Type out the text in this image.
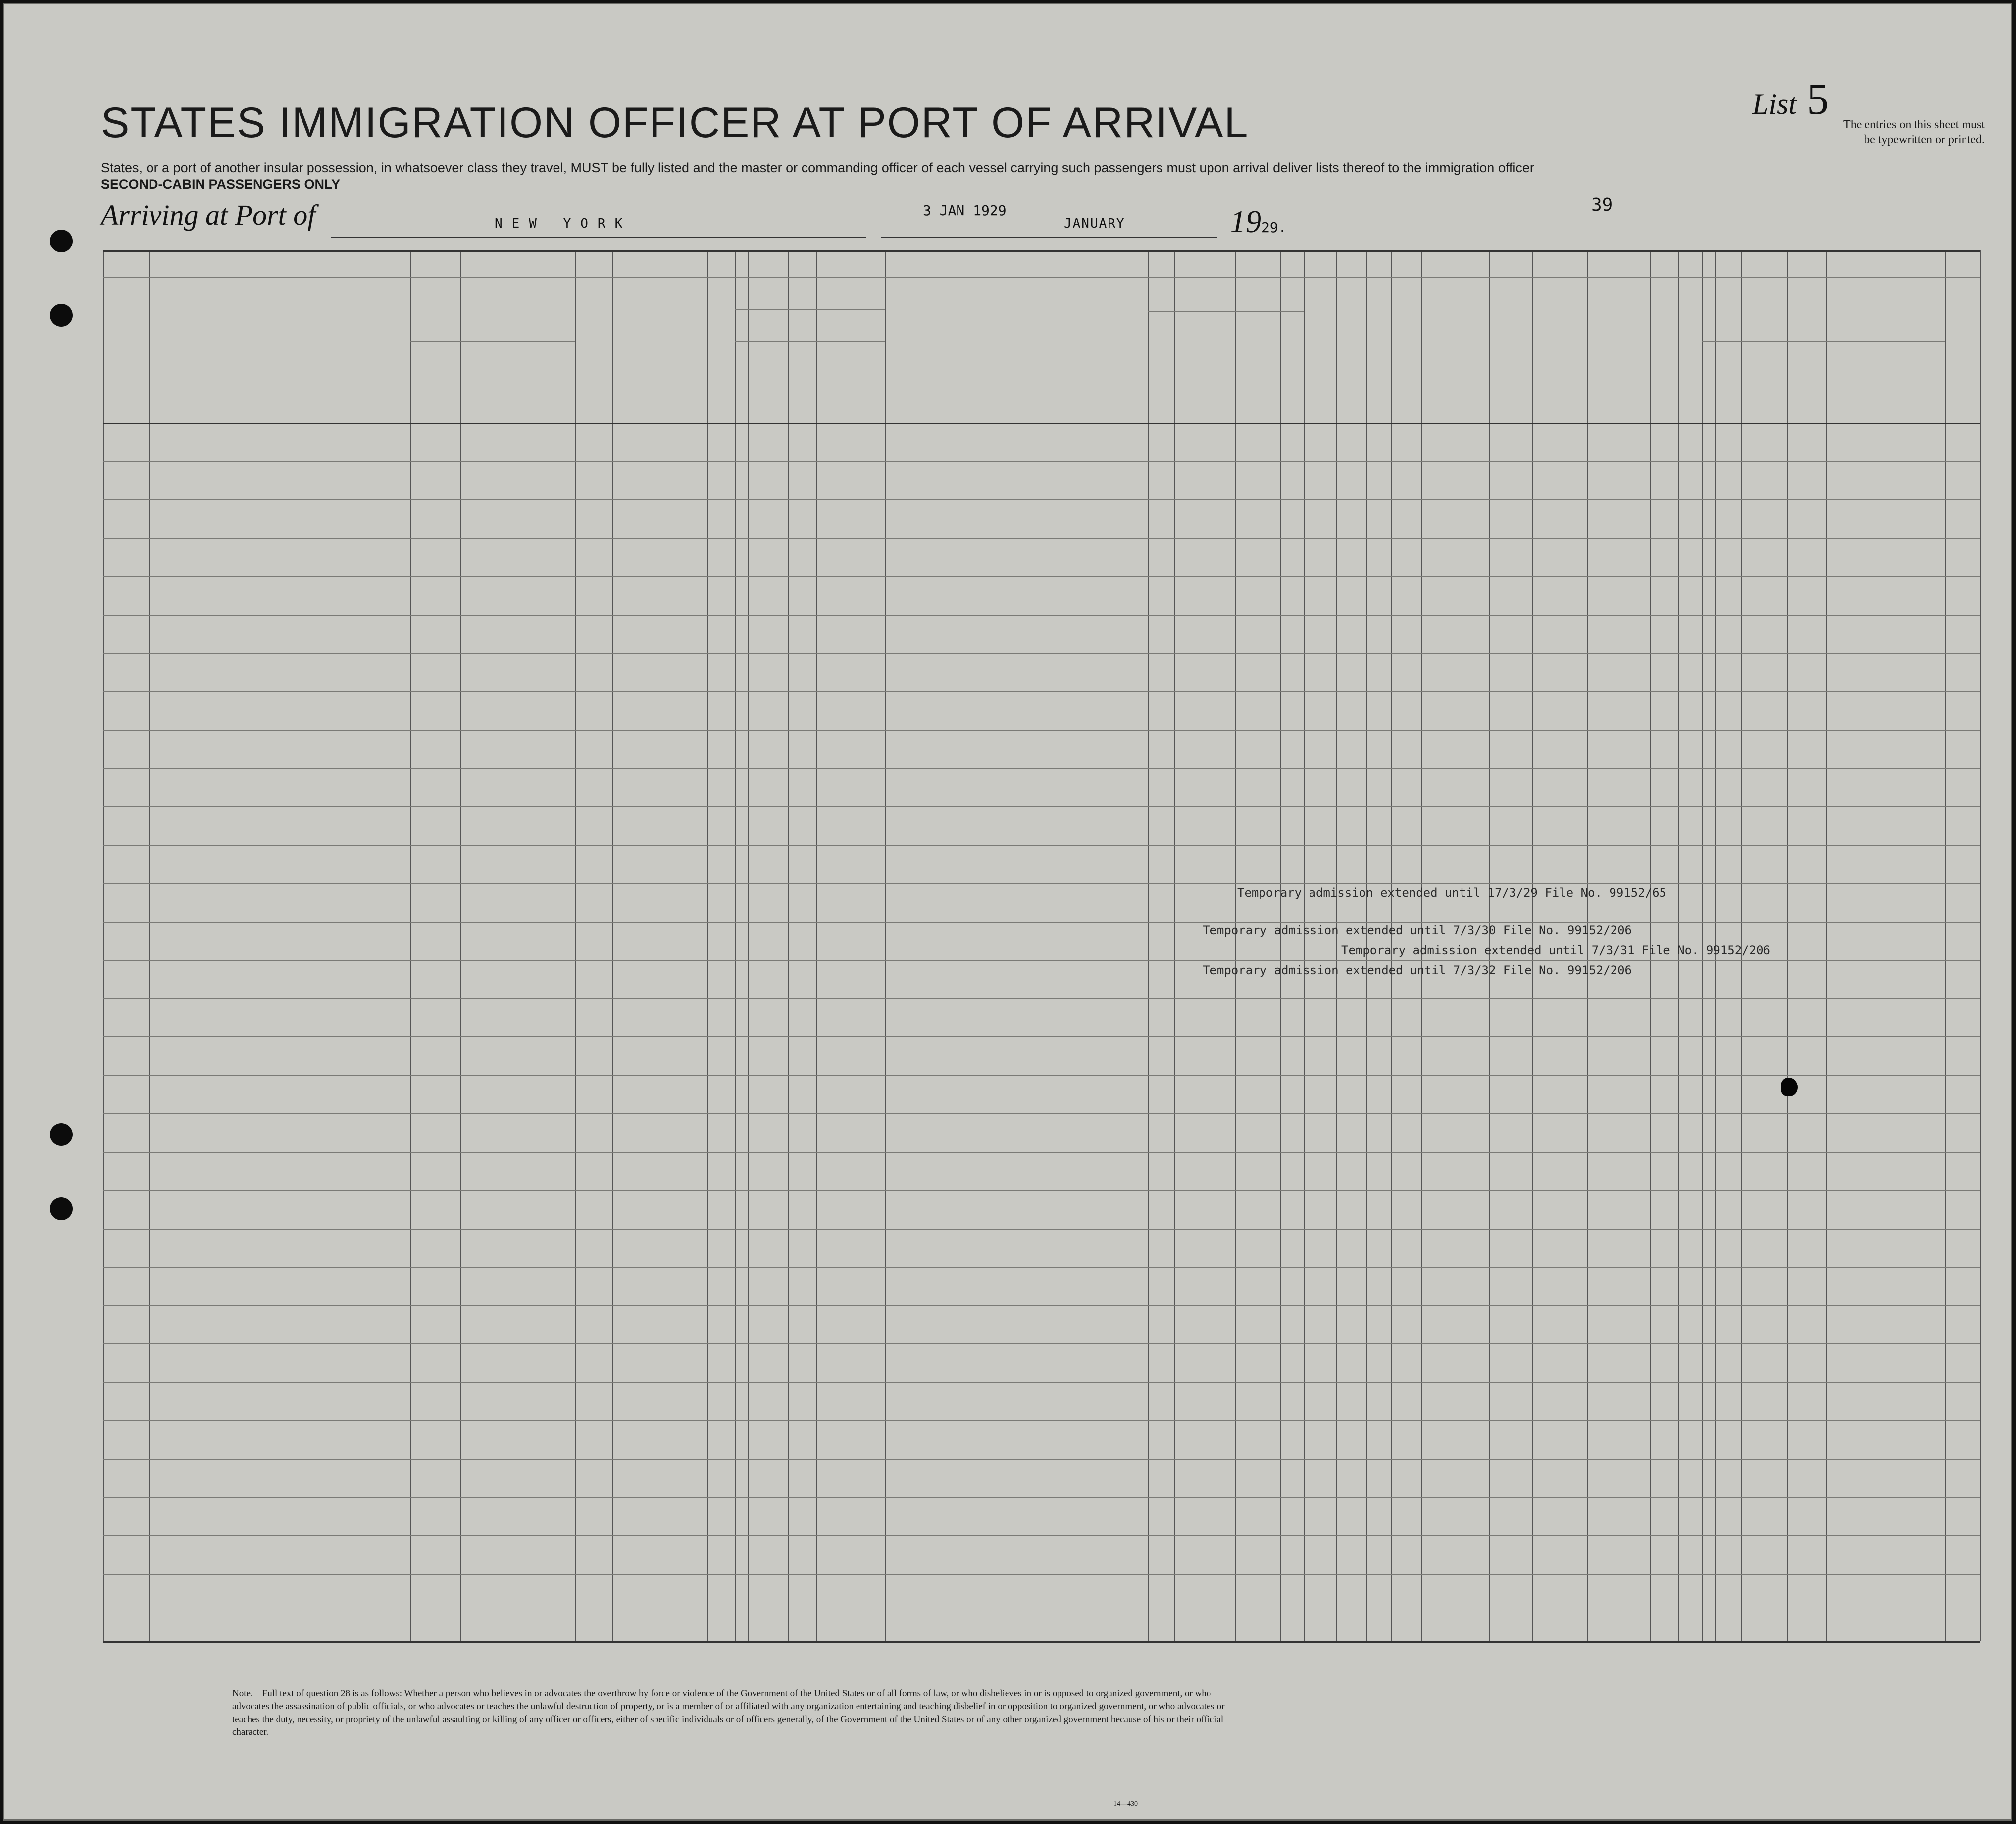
List 5
The entries on this sheet must
be typewritten or printed.
STATES IMMIGRATION OFFICER AT PORT OF ARRIVAL
States, or a port of another insular possession, in whatsoever class they travel, MUST be fully listed and the master or commanding officer of each vessel carrying such passengers must upon arrival deliver lists thereof to the immigration officer
SECOND-CABIN PASSENGERS ONLY
Arriving at Port of	NEW YORK
3 JAN 1929
JANUARY	1929.
39
Temporary admission extended until 17/3/29 File No. 99152/65
Temporary admission extended until 7/3/30 File No. 99152/206
Temporary admission extended until 7/3/31 File No. 99152/206
Temporary admission extended until 7/3/32 File No. 99152/206
Note.—Full text of question 28 is as follows: Whether a person who believes in or advocates the overthrow by force or violence of the Government of the United States or of all forms of law, or who disbelieves in or is opposed to organized government, or who advocates the assassination of public officials, or who advocates or teaches the unlawful destruction of property, or is a member of or affiliated with any organization entertaining and teaching disbelief in or opposition to organized government, or who advocates or teaches the duty, necessity, or propriety of the unlawful assaulting or killing of any officer or officers, either of specific individuals or of officers generally, of the Government of the United States or of any other organized government because of his or their official character.
14—430
